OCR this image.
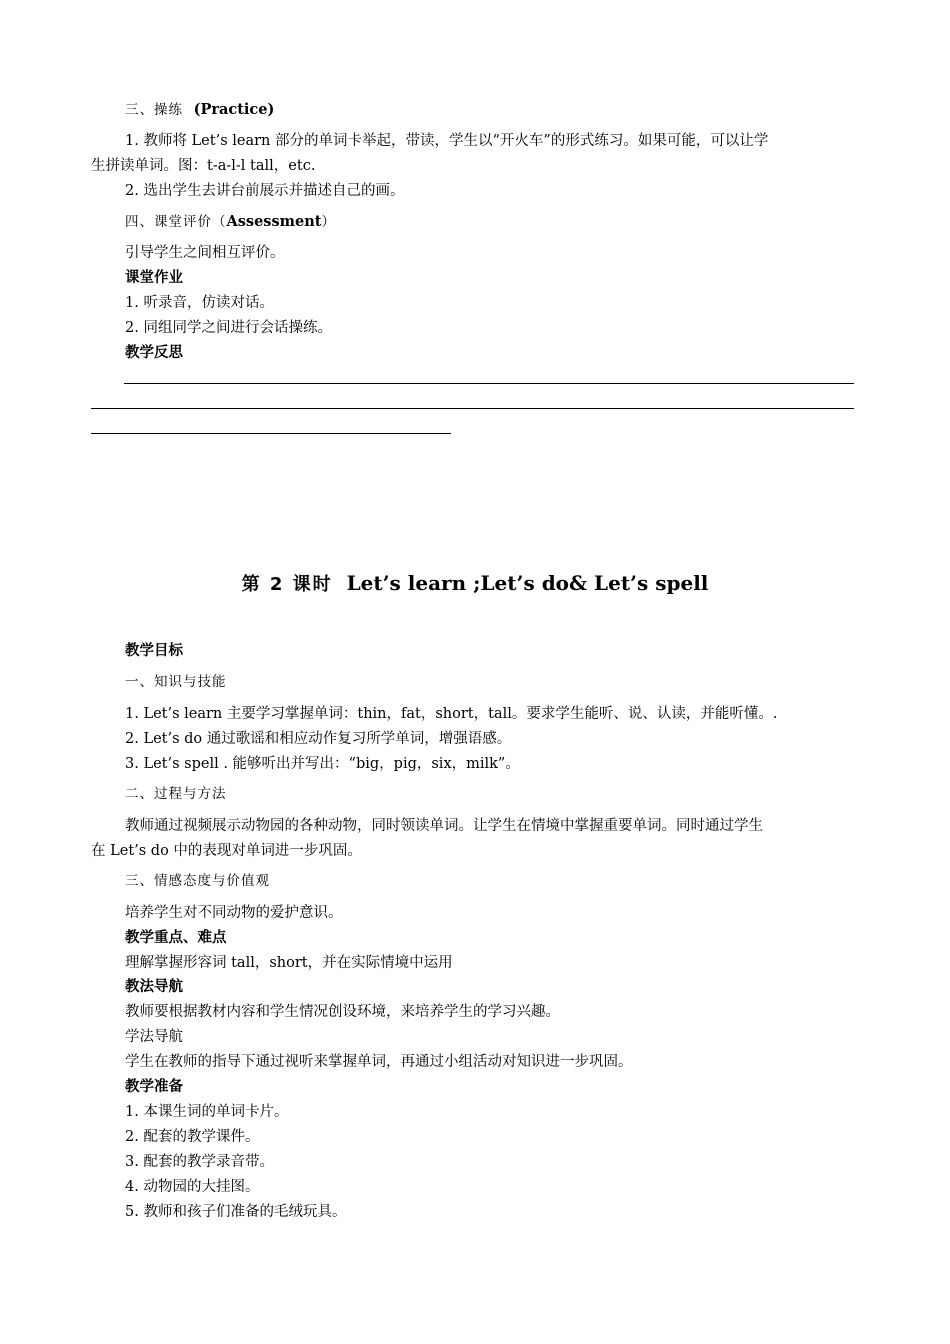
三、操练 (Practice)
1. 教师将 Let’s learn 部分的单词卡举起，带读，学生以“开火车”的形式练习。如果可能，可以让学
生拼读单词。图：t-a-l-l tall，etc.
2. 选出学生去讲台前展示并描述自己的画。
四、课堂评价（Assessment）
引导学生之间相互评价。
课堂作业
1. 听录音，仿读对话。
2. 同组同学之间进行会话操练。
教学反思
第 2 课时 Let’s learn ;Let’s do& Let’s spell
教学目标
一、知识与技能
1. Let’s learn 主要学习掌握单词：thin，fat，short，tall。要求学生能听、说、认读，并能听懂。.
2. Let’s do 通过歌谣和相应动作复习所学单词，增强语感。
3. Let’s spell . 能够听出并写出：“big，pig，six，milk”。
二、过程与方法
教师通过视频展示动物园的各种动物，同时领读单词。让学生在情境中掌握重要单词。同时通过学生
在 Let’s do 中的表现对单词进一步巩固。
三、情感态度与价值观
培养学生对不同动物的爱护意识。
教学重点、难点
理解掌握形容词 tall，short，并在实际情境中运用
教法导航
教师要根据教材内容和学生情况创设环境，来培养学生的学习兴趣。
学法导航
学生在教师的指导下通过视听来掌握单词，再通过小组活动对知识进一步巩固。
教学准备
1. 本课生词的单词卡片。
2. 配套的教学课件。
3. 配套的教学录音带。
4. 动物园的大挂图。
5. 教师和孩子们准备的毛绒玩具。
